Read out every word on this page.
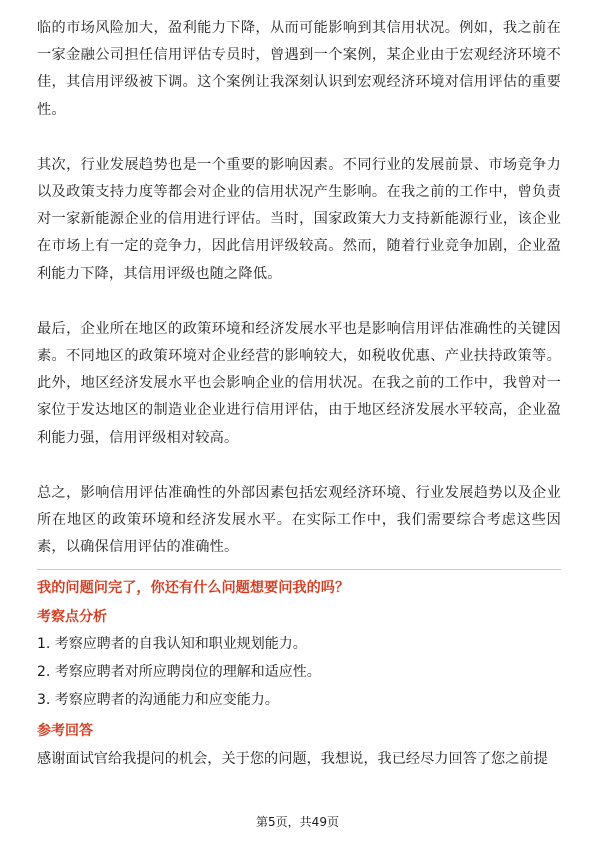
临的市场风险加大，盈利能力下降，从而可能影响到其信用状况。例如，我之前在一家金融公司担任信用评估专员时，曾遇到一个案例，某企业由于宏观经济环境不佳，其信用评级被下调。这个案例让我深刻认识到宏观经济环境对信用评估的重要性。

其次，行业发展趋势也是一个重要的影响因素。不同行业的发展前景、市场竞争力以及政策支持力度等都会对企业的信用状况产生影响。在我之前的工作中，曾负责对一家新能源企业的信用进行评估。当时，国家政策大力支持新能源行业，该企业在市场上有一定的竞争力，因此信用评级较高。然而，随着行业竞争加剧，企业盈利能力下降，其信用评级也随之降低。

最后，企业所在地区的政策环境和经济发展水平也是影响信用评估准确性的关键因素。不同地区的政策环境对企业经营的影响较大，如税收优惠、产业扶持政策等。此外，地区经济发展水平也会影响企业的信用状况。在我之前的工作中，我曾对一家位于发达地区的制造业企业进行信用评估，由于地区经济发展水平较高，企业盈利能力强，信用评级相对较高。

总之，影响信用评估准确性的外部因素包括宏观经济环境、行业发展趋势以及企业所在地区的政策环境和经济发展水平。在实际工作中，我们需要综合考虑这些因素，以确保信用评估的准确性。

我的问题问完了，你还有什么问题想要问我的吗？

考察点分析

1. 考察应聘者的自我认知和职业规划能力。

2. 考察应聘者对所应聘岗位的理解和适应性。

3. 考察应聘者的沟通能力和应变能力。

参考回答

感谢面试官给我提问的机会，关于您的问题，我想说，我已经尽力回答了您之前提

第5页，共49页
